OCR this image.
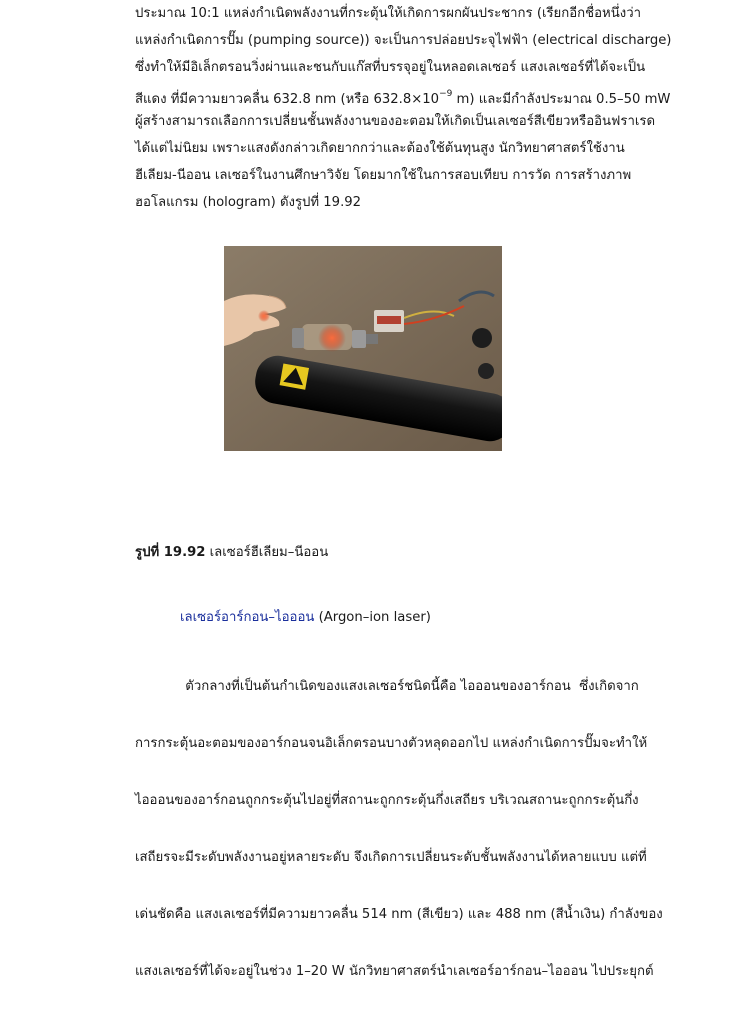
ประมาณ 10:1 แหล่งกำเนิดพลังงานที่กระตุ้นให้เกิดการผกผันประชากร (เรียกอีกชื่อหนึ่งว่า
แหล่งกำเนิดการปั๊ม (pumping source)) จะเป็นการปล่อยประจุไฟฟ้า (electrical discharge)
ซึ่งทำให้มีอิเล็กตรอนวิ่งผ่านและชนกับแก๊สที่บรรจุอยู่ในหลอดเลเซอร์ แสงเลเซอร์ที่ได้จะเป็น
สีแดง ที่มีความยาวคลื่น 632.8 nm (หรือ $632.8\times 10^{-9}$ m) และมีกำลังประมาณ 0.5–50 mW
ผู้สร้างสามารถเลือกการเปลี่ยนชั้นพลังงานของอะตอมให้เกิดเป็นเลเซอร์สีเขียวหรืออินฟราเรด
ได้แต่ไม่นิยม เพราะแสงดังกล่าวเกิดยากกว่าและต้องใช้ต้นทุนสูง นักวิทยาศาสตร์ใช้งาน
ฮีเลียม-นีออน เลเซอร์ในงานศึกษาวิจัย โดยมากใช้ในการสอบเทียบ การวัด การสร้างภาพ
ฮอโลแกรม (hologram) ดังรูปที่ 19.92
รูปที่ 19.92 เลเซอร์ฮีเลียม–นีออน
เลเซอร์อาร์กอน–ไอออน (Argon–ion laser)

ตัวกลางที่เป็นต้นกำเนิดของแสงเลเซอร์ชนิดนี้คือ ไอออนของอาร์กอน  ซึ่งเกิดจาก

การกระตุ้นอะตอมของอาร์กอนจนอิเล็กตรอนบางตัวหลุดออกไป แหล่งกำเนิดการปั๊มจะทำให้

ไอออนของอาร์กอนถูกกระตุ้นไปอยู่ที่สถานะถูกกระตุ้นกึ่งเสถียร บริเวณสถานะถูกกระตุ้นกึ่ง

เสถียรจะมีระดับพลังงานอยู่หลายระดับ จึงเกิดการเปลี่ยนระดับชั้นพลังงานได้หลายแบบ แต่ที่

เด่นชัดคือ แสงเลเซอร์ที่มีความยาวคลื่น 514 nm (สีเขียว) และ 488 nm (สีน้ำเงิน) กำลังของ

แสงเลเซอร์ที่ได้จะอยู่ในช่วง 1–20 W นักวิทยาศาสตร์นำเลเซอร์อาร์กอน–ไอออน ไปประยุกต์
